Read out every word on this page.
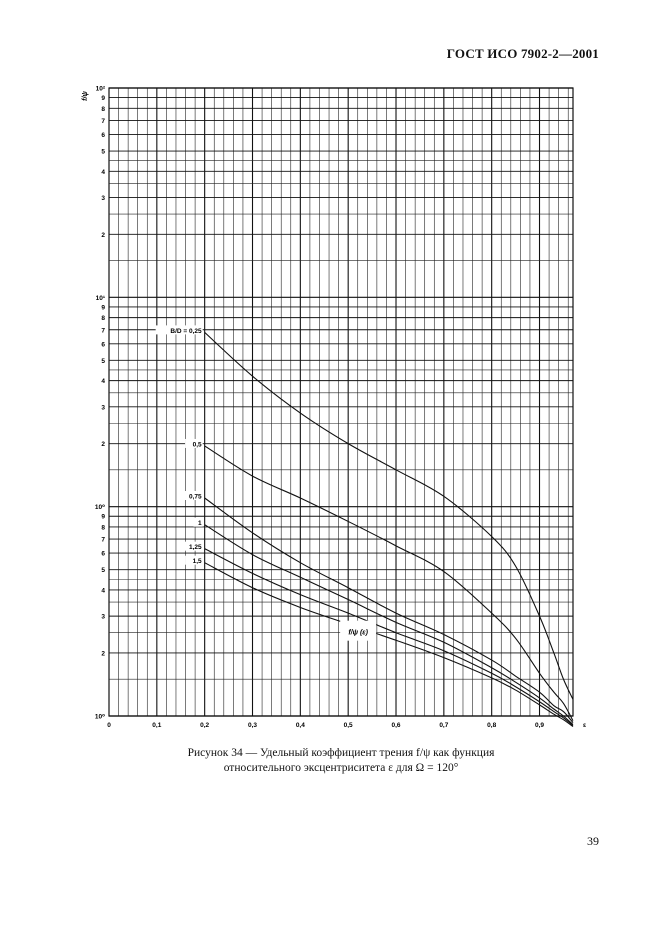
ГОСТ ИСО 7902-2—2001
0	0,1	0,2	0,3	0,4	0,5	0,6	0,7	0,8	0,9	ε
10⁰
2
3
4
5
6
7
8
9
10⁰
2
3
4
5
6
7
8
9
10¹
2
3
4
5
6
7
8
9
10²
f/ψ
B/D = 0,25
0,5
0,75
1
1,25
1,5
f/ψ (ε)
Рисунок 34 — Удельный коэффициент трения f/ψ как функция
относительного эксцентриситета ε для Ω = 120°
39
